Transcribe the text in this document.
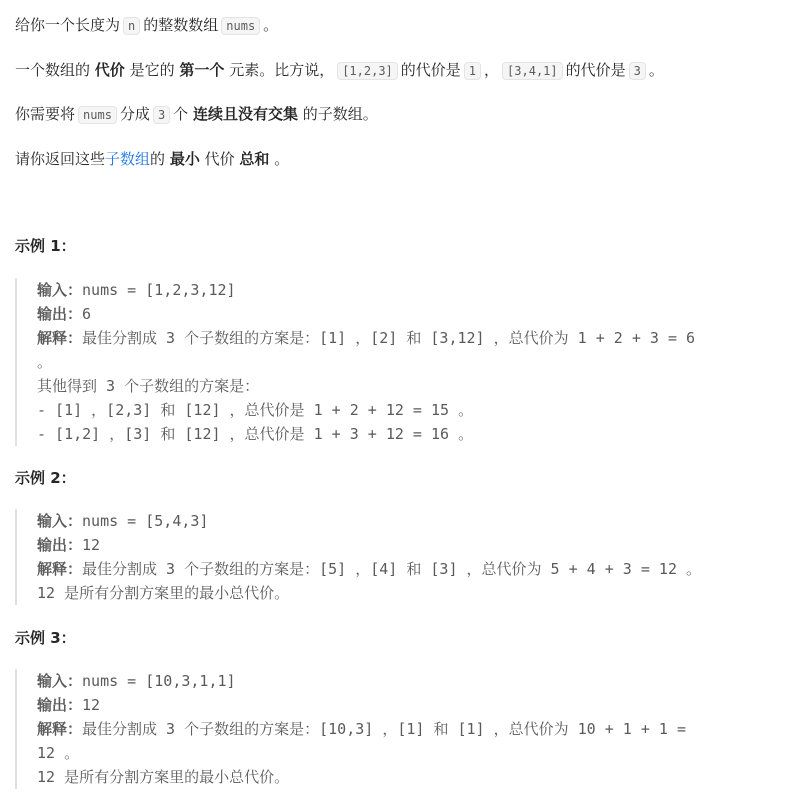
给你一个长度为 n 的整数数组 nums 。

一个数组的 代价 是它的 第一个 元素。比方说， [1,2,3] 的代价是 1 ， [3,4,1] 的代价是 3 。

你需要将 nums 分成 3 个 连续且没有交集 的子数组。

请你返回这些子数组的 最小 代价 总和 。

示例 1：
输入：nums = [1,2,3,12]
输出：6
解释：最佳分割成 3 个子数组的方案是：[1] ，[2] 和 [3,12] ，总代价为 1 + 2 + 3 = 6
。
其他得到 3 个子数组的方案是：
- [1] ，[2,3] 和 [12] ，总代价是 1 + 2 + 12 = 15 。
- [1,2] ，[3] 和 [12] ，总代价是 1 + 3 + 12 = 16 。
示例 2：
输入：nums = [5,4,3]
输出：12
解释：最佳分割成 3 个子数组的方案是：[5] ，[4] 和 [3] ，总代价为 5 + 4 + 3 = 12 。
12 是所有分割方案里的最小总代价。
示例 3：
输入：nums = [10,3,1,1]
输出：12
解释：最佳分割成 3 个子数组的方案是：[10,3] ，[1] 和 [1] ，总代价为 10 + 1 + 1 =
12 。
12 是所有分割方案里的最小总代价。
